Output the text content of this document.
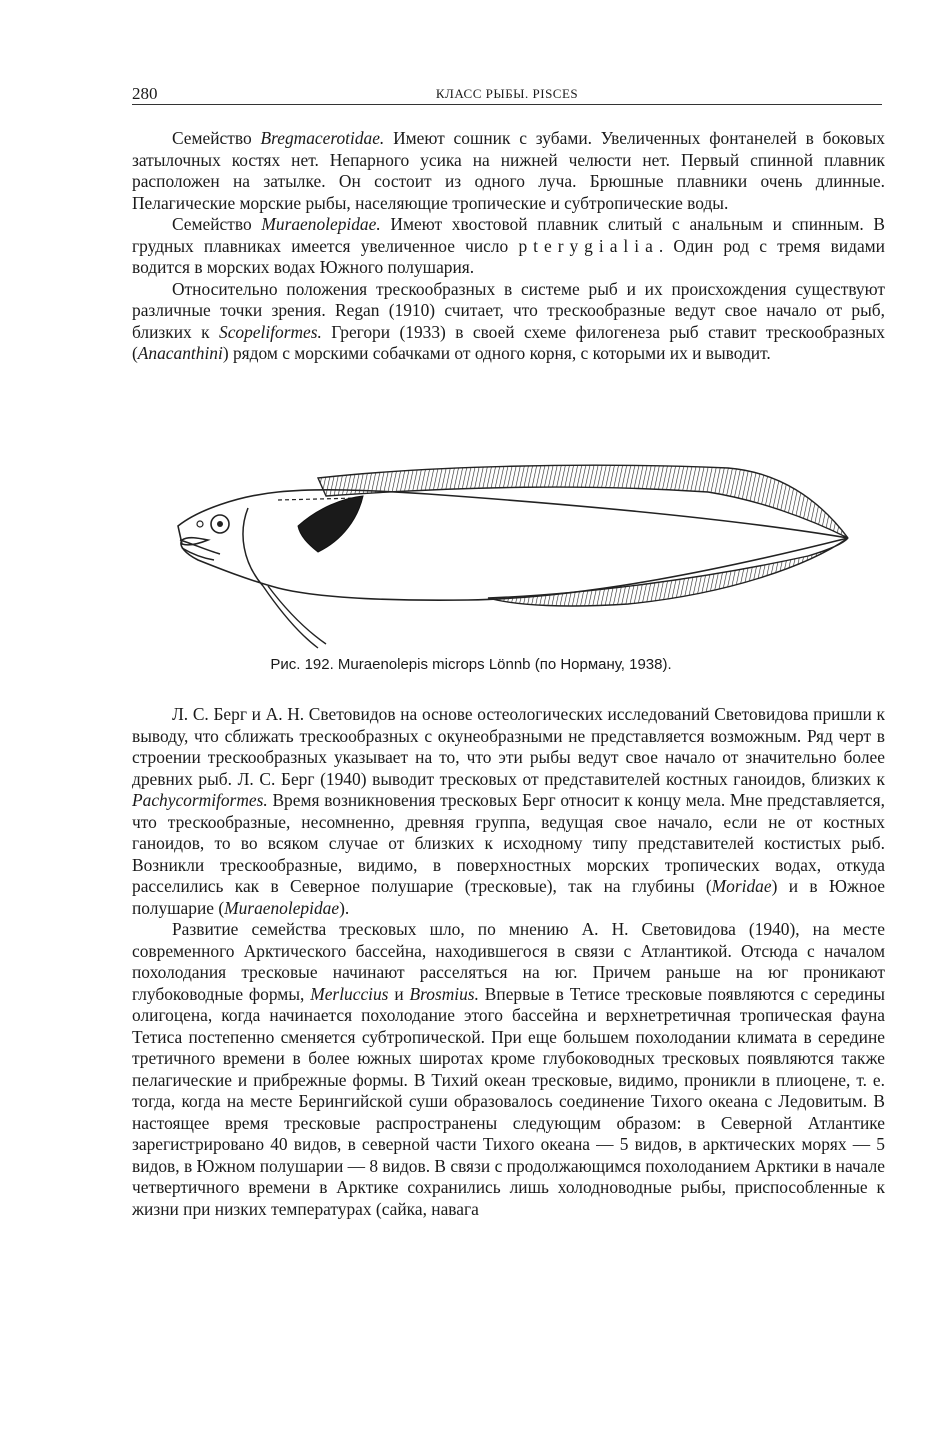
280	КЛАСС РЫБЫ. PISCES

Семейство Bregmacerotidae. Имеют сошник с зубами. Увеличенных фонтанелей в боковых затылочных костях нет. Непарного усика на нижней челюсти нет. Первый спинной плавник расположен на затылке. Он состоит из одного луча. Брюшные плавники очень длинные. Пелагические морские рыбы, населяющие тропические и субтропические воды.

Семейство Muraenolepidae. Имеют хвостовой плавник слитый с анальным и спинным. В грудных плавниках имеется увеличенное число pterygialia. Один род с тремя видами водится в морских водах Южного полушария.

Относительно положения трескообразных в системе рыб и их происхождения существуют различные точки зрения. Regan (1910) считает, что трескообразные ведут свое начало от рыб, близких к Scopeliformes. Грегори (1933) в своей схеме филогенеза рыб ставит трескообразных (Anacanthini) рядом с морскими собачками от одного корня, с которыми их и выводит.

Рис. 192. Muraenolepis microps Lönnb (по Норману, 1938).

Л. С. Берг и А. Н. Световидов на основе остеологических исследований Световидова пришли к выводу, что сближать трескообразных с окунеобразными не представляется возможным. Ряд черт в строении трескообразных указывает на то, что эти рыбы ведут свое начало от значительно более древних рыб. Л. С. Берг (1940) выводит тресковых от представителей костных ганоидов, близких к Pachycormiformes. Время возникновения тресковых Берг относит к концу мела. Мне представляется, что трескообразные, несомненно, древняя группа, ведущая свое начало, если не от костных ганоидов, то во всяком случае от близких к исходному типу представителей костистых рыб. Возникли трескообразные, видимо, в поверхностных морских тропических водах, откуда расселились как в Северное полушарие (тресковые), так на глубины (Moridae) и в Южное полушарие (Muraenolepidae).

Развитие семейства тресковых шло, по мнению А. Н. Световидова (1940), на месте современного Арктического бассейна, находившегося в связи с Атлантикой. Отсюда с началом похолодания тресковые начинают расселяться на юг. Причем раньше на юг проникают глубоководные формы, Merluccius и Brosmius. Впервые в Тетисе тресковые появляются с середины олигоцена, когда начинается похолодание этого бассейна и верхнетретичная тропическая фауна Тетиса постепенно сменяется субтропической. При еще большем похолодании климата в середине третичного времени в более южных широтах кроме глубоководных тресковых появляются также пелагические и прибрежные формы. В Тихий океан тресковые, видимо, проникли в плиоцене, т. е. тогда, когда на месте Берингийской суши образовалось соединение Тихого океана с Ледовитым. В настоящее время тресковые распространены следующим образом: в Северной Атлантике зарегистрировано 40 видов, в северной части Тихого океана — 5 видов, в арктических морях — 5 видов, в Южном полушарии — 8 видов. В связи с продолжающимся похолоданием Арктики в начале четвертичного времени в Арктике сохранились лишь холодноводные рыбы, приспособленные к жизни при низких температурах (сайка, навага
